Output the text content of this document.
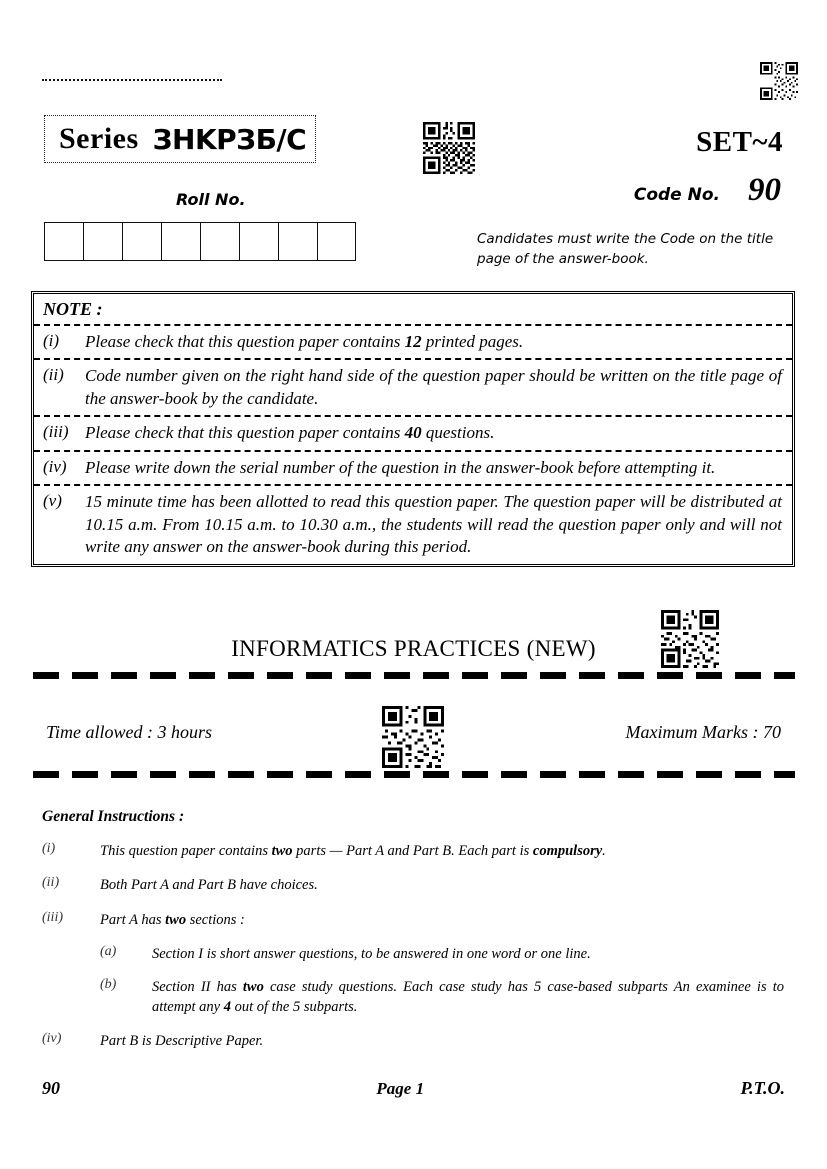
Series ЗHKPЗБ/C	SET~4
Code No. 90
Candidates must write the Code on the title page of the answer-book.
Roll No.
NOTE :
(i)	Please check that this question paper contains 12 printed pages.
(ii)	Code number given on the right hand side of the question paper should be written on the title page of the answer-book by the candidate.
(iii) Please check that this question paper contains 40 questions.
(iv)	Please write down the serial number of the question in the answer-book before attempting it.
(v)	15 minute time has been allotted to read this question paper. The question paper will be distributed at 10.15 a.m. From 10.15 a.m. to 10.30 a.m., the students will read the question paper only and will not write any answer on the answer-book during this period.
INFORMATICS PRACTICES (NEW)
Time allowed : 3 hours	Maximum Marks : 70
General Instructions :
(i)	This question paper contains two parts — Part A and Part B. Each part is compulsory.
(ii)	Both Part A and Part B have choices.
(iii)	Part A has two sections :
(a)	Section I is short answer questions, to be answered in one word or one line.
(b)	Section II has two case study questions. Each case study has 5 case-based subparts An examinee is to attempt any 4 out of the 5 subparts.
(iv)	Part B is Descriptive Paper.
90	Page 1	P.T.O.
